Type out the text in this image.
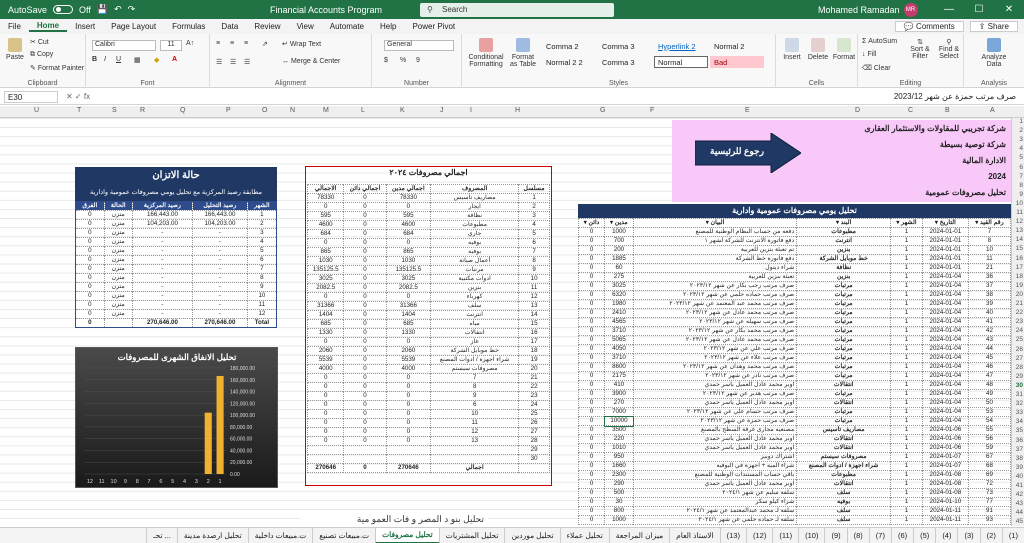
AutoSave	Off 💾 ↶ ↷	Financial Accounts Program	⚲ Search	Mohamed Ramadan	MR	—	☐	✕
File	Home	Insert	Page Layout	Formulas	Data	Review	View	Automate	Help	Power Pivot	💬 Comments	⇪ Share
Paste
✂ Cut
⧉ Copy
✎ Format Painter
Clipboard
Calibri	11	A↑
B I U ▦ ◆ A
Font
≡ ≡ ≡ ⇗ ↵ Wrap Text
☰ ☰ ☰	↔ Merge & Center
Alignment
General
$ % 9
Number
Conditional Formatting
Format as Table
Comma 2	Comma 3	Hyperlink 2	Normal 2
Normal 2 2	Comma 3	Normal	Bad
Styles
Insert	Delete Format
Cells
Σ AutoSum
↓ Fill
⌫ Clear
⇅
Sort & Filter
⚲
Find & Select
Editing
Analyze Data
Analysis
E30	✕ ✓ fx	صرف مرتب حمزة عن شهر 2023/12
U	T	S	R	Q	P	O	N	M	L	K	J	I	H	G	F	E	D	C	B	A
1
2
3
4
5
6
7
8
9
10
11
12
13
14
15
16
17
18
19
20
21
22
23
24
25
26
27
28
29
30
31
32
33
34
35
36
37
38
39
40
41
42
43
44
45
شركة تجريبي للمقاولات والاستثمار العقارى
شركة توصية بسيطة
الادارة المالية
2024
تحليل مصروفات عمومية
رجوع للرئيسية
حالة الاتزان
مطابقة رصيد المركزية مع تحليل يومي مصروفات عمومية وادارية
الشهر	رصيد التحليل	رصيد المركزية	الحالة	الفرق
1	166,443.00	166,443.00	متزن	0
2	104,203.00	104,203.00	متزن	0
3	-	-	متزن	0
4	-	-	متزن	0
5	-	-	متزن	0
6	-	-	متزن	0
7	-	-	متزن	0
8	-	-	متزن	0
9	-	-	متزن	0
10	-	-	متزن	0
11	-	-	متزن	0
12	-	-	متزن	0
Total	270,646.00	270,646.00		0
تحليل الانفاق الشهرى للمصروفات
180,000.00
160,000.00
140,000.00
120,000.00
100,000.00
80,000.00
60,000.00
40,000.00
20,000.00
0.00
12 11 10 9 8 7 6 5 4 3 2 1
اجمالي مصروفات ٢٠٢٤
مسلسل	المصروف	اجمالي مدين	اجمالي دائن	الاجمالي
1	مصاريف تأسيس	78330	0	78330
2	ايجار	0	0	0
3	نظافة	595	0	595
4	مطبوعات	4600	0	4600
5	جاري	684	0	684
6	بوفيه	0	0	0
7	بوفيه	865	0	865
8	أعمال صيانة	1030	0	1030
9	مرتبات	135125.5	0	135125.5
10	ادوات مكتبية	3025	0	3025
11	بنزين	2082.5	0	2082.5
12	كهرباء	0	0	0
13	سلف	31366	0	31366
14	انترنت	1404	0	1404
15	مياه	685	0	685
16	انتقالات	1330	0	1330
17	غاز	0	0	0
18	خط موبايل الشركة	2060	0	2060
19	شراء اجهزة / ادوات المصنع	5539	0	5539
20	مصروفات سيستم	4000	0	4000
21	7	0	0	0
22	8	0	0	0
23	9	0	0	0
24	6	0	0	0
25	10	0	0	0
26	11	0	0	0
27	12	0	0	0
28	13	0	0	0
29				
30				
	اجمالي	270646	0	270646
تحليل يومي مصروفات عمومية وادارية
رقم القيد ▾	التاريخ ▾	الشهر ▾	البند ▾	البيان ▾	مدين ▾	دائن ▾
7	2024-01-01	1	مطبوعات	دفعه من حساب النظام الوطنية للمصنع	1000	0
8	2024-01-01	1	انترنت	دفع فاتورة الانترنت للشركة لشهر ١	700	0
10	2024-01-01	1	بنزين	تم تعبئة بنزين للعربية	200	0
11	2024-01-01	1	خط موبايل الشركة	دفع فاتورة خط الشركة	1885	0
21	2024-01-01	1	نظافة	شراء ديتول	60	0
36	2024-01-04	1	بنزين	تعبئة بنزين للعربية	275	0
37	2024-01-04	1	مرتبات	صرف مرتب رجب بكار عن شهر ٢٠٢٣/١٢	3025	0
38	2024-01-04	1	مرتبات	صرف مرتب حماده حلمي عن شهر ٢٠٢٣/١٢	6320	0
39	2024-01-04	1	مرتبات	صرف مرتب محمد عبد المعتمد عن شهر ٢٠٢٣/١٢	1980	0
40	2024-01-04	1	مرتبات	صرف مرتب محمد عادل عن شهر ٢٠٢٣/١٢	2410	0
41	2024-01-04	1	مرتبات	صرف مرتب سهيله عن شهر ٢٠٢٣/١٢	4565	0
42	2024-01-04	1	مرتبات	صرف مرتب محمد بكار عن شهر ٢٠٢٣/١٢	3710	0
43	2024-01-04	1	مرتبات	صرف مرتب محمد عادل عن شهر ٢٠٢٣/١٢	5065	0
44	2024-01-04	1	مرتبات	صرف مرتب علي عن شهر ٢٠٢٣/١٢	4050	0
45	2024-01-04	1	مرتبات	صرف مرتب علاء عن شهر ٢٠٢٣/١٢	3710	0
46	2024-01-04	1	مرتبات	صرف مرتب محمد وهدان عن شهر ٢٠٢٣/١٢	8600	0
47	2024-01-04	1	مرتبات	صرف مرتب نادر عن شهر ٢٠٢٣/١٢	2175	0
48	2024-01-04	1	انتقالات	اوبر محمد عادل العميل ياسر حمدي	410	0
49	2024-01-04	1	مرتبات	صرف مرتب هدير عن شهر ٢٠٢٣/١٢	3900	0
50	2024-01-04	1	انتقالات	اوبر محمد عادل العميل ياسر حمدي	270	0
53	2024-01-04	1	مرتبات	صرف مرتب حسام علي عن شهر ٢٠٢٣/١٢	7000	0
54	2024-01-04	1	مرتبات	صرف مرتب حمزة عن شهر ٢٠٢٣/١٢	10000	0
55	2024-01-06	1	مصاريف تأسيس	مصنعيه مجارى غرفة السطح بالمصنع	3500	0
56	2024-01-06	1	انتقالات	اوبر محمد عادل العميل ياسر حمدي	220	0
59	2024-01-06	1	انتقالات	اوبر محمد عادل العميل ياسر حمدي	1010	0
67	2024-01-07	1	مصروفات سيستم	اشتراك دوبيز	950	0
68	2024-01-07	1	شراء اجهزة / ادوات المصنع	شراء الميه + اجهزة في البوفيه	1660	0
69	2024-01-08	1	مطبوعات	باقي حساب المستندات الوطنية للمصنع	2300	0
72	2024-01-08	1	انتقالات	اوبر محمد عادل العميل ياسر حمدي	290	0
73	2024-01-08	1	سلف	سلفه سليم عن شهر ٢٠٢٤/١	500	0
77	2024-01-10	1	بوفيه	شراء كيلو سكر	30	0
91	2024-01-11	1	سلف	سلفه لـ محمد عبدالمعتمد عن شهر ٢٠٢٤/١	800	0
93	2024-01-11	1	سلف	سلفه لـ حماده حلمي عن شهر ٢٠٢٤/١	1000	0
تحليل بنو د المصر و فات العمو مية
(1)
(2)
(3)
(4)
(5)
(6)
(7)
(8)
(9)
(10)
(11)
(12)
(13)
الاستاذ العام
ميزان المراجعة
تحليل عملاء
تحليل موردين
تحليل المشتريات
تحليل مصروفات
ت.مبيعات تصنيع
ت.مبيعات داخلية
تحليل ارصدة مدينة
تحـ ...
